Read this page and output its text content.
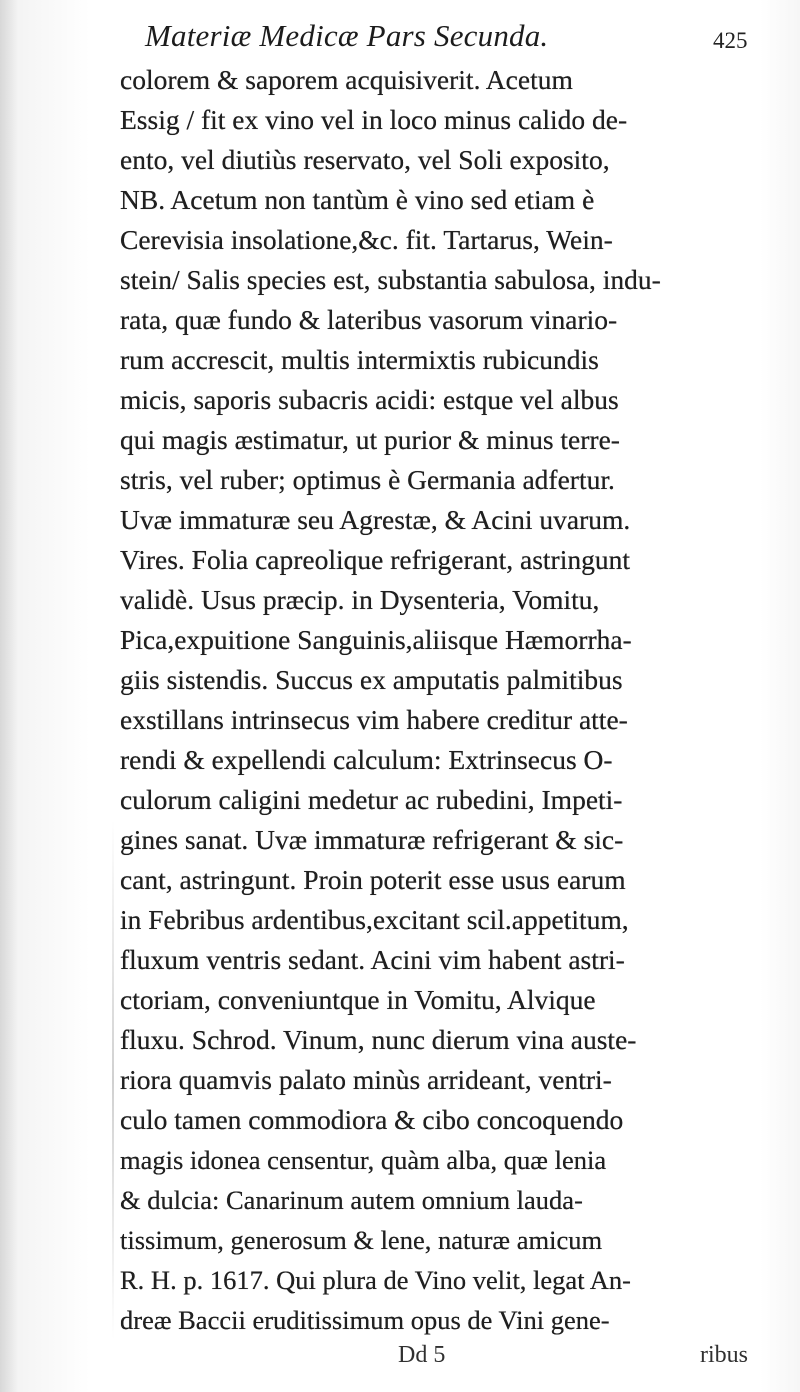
Materiæ Medicæ Pars Secunda.	425
colorem & saporem acquisiverit. Acetum
Essig / fit ex vino vel in loco minus calido de-
ento, vel diutiùs reservato, vel Soli exposito,
NB. Acetum non tantùm è vino sed etiam è
Cerevisia insolatione,&c. fit. Tartarus, Wein-
stein/ Salis species est, substantia sabulosa, indu-
rata, quæ fundo & lateribus vasorum vinario-
rum accrescit, multis intermixtis rubicundis
micis, saporis subacris acidi: estque vel albus
qui magis æstimatur, ut purior & minus terre-
stris, vel ruber; optimus è Germania adfertur.
Uvæ immaturæ seu Agrestæ, & Acini uvarum.
Vires. Folia capreolique refrigerant, astringunt
validè. Usus præcip. in Dysenteria, Vomitu,
Pica,expuitione Sanguinis,aliisque Hæmorrha-
giis sistendis. Succus ex amputatis palmitibus
exstillans intrinsecus vim habere creditur atte-
rendi & expellendi calculum: Extrinsecus O-
culorum caligini medetur ac rubedini, Impeti-
gines sanat. Uvæ immaturæ refrigerant & sic-
cant, astringunt. Proin poterit esse usus earum
in Febribus ardentibus,excitant scil.appetitum,
fluxum ventris sedant. Acini vim habent astri-
ctoriam, conveniuntque in Vomitu, Alvique
fluxu. Schrod. Vinum, nunc dierum vina auste-
riora quamvis palato minùs arrideant, ventri-
culo tamen commodiora & cibo concoquendo
magis idonea censentur, quàm alba, quæ lenia
& dulcia: Canarinum autem omnium lauda-
tissimum, generosum & lene, naturæ amicum
R. H. p. 1617. Qui plura de Vino velit, legat An-
dreæ Baccii eruditissimum opus de Vini gene-
Dd 5	ribus
